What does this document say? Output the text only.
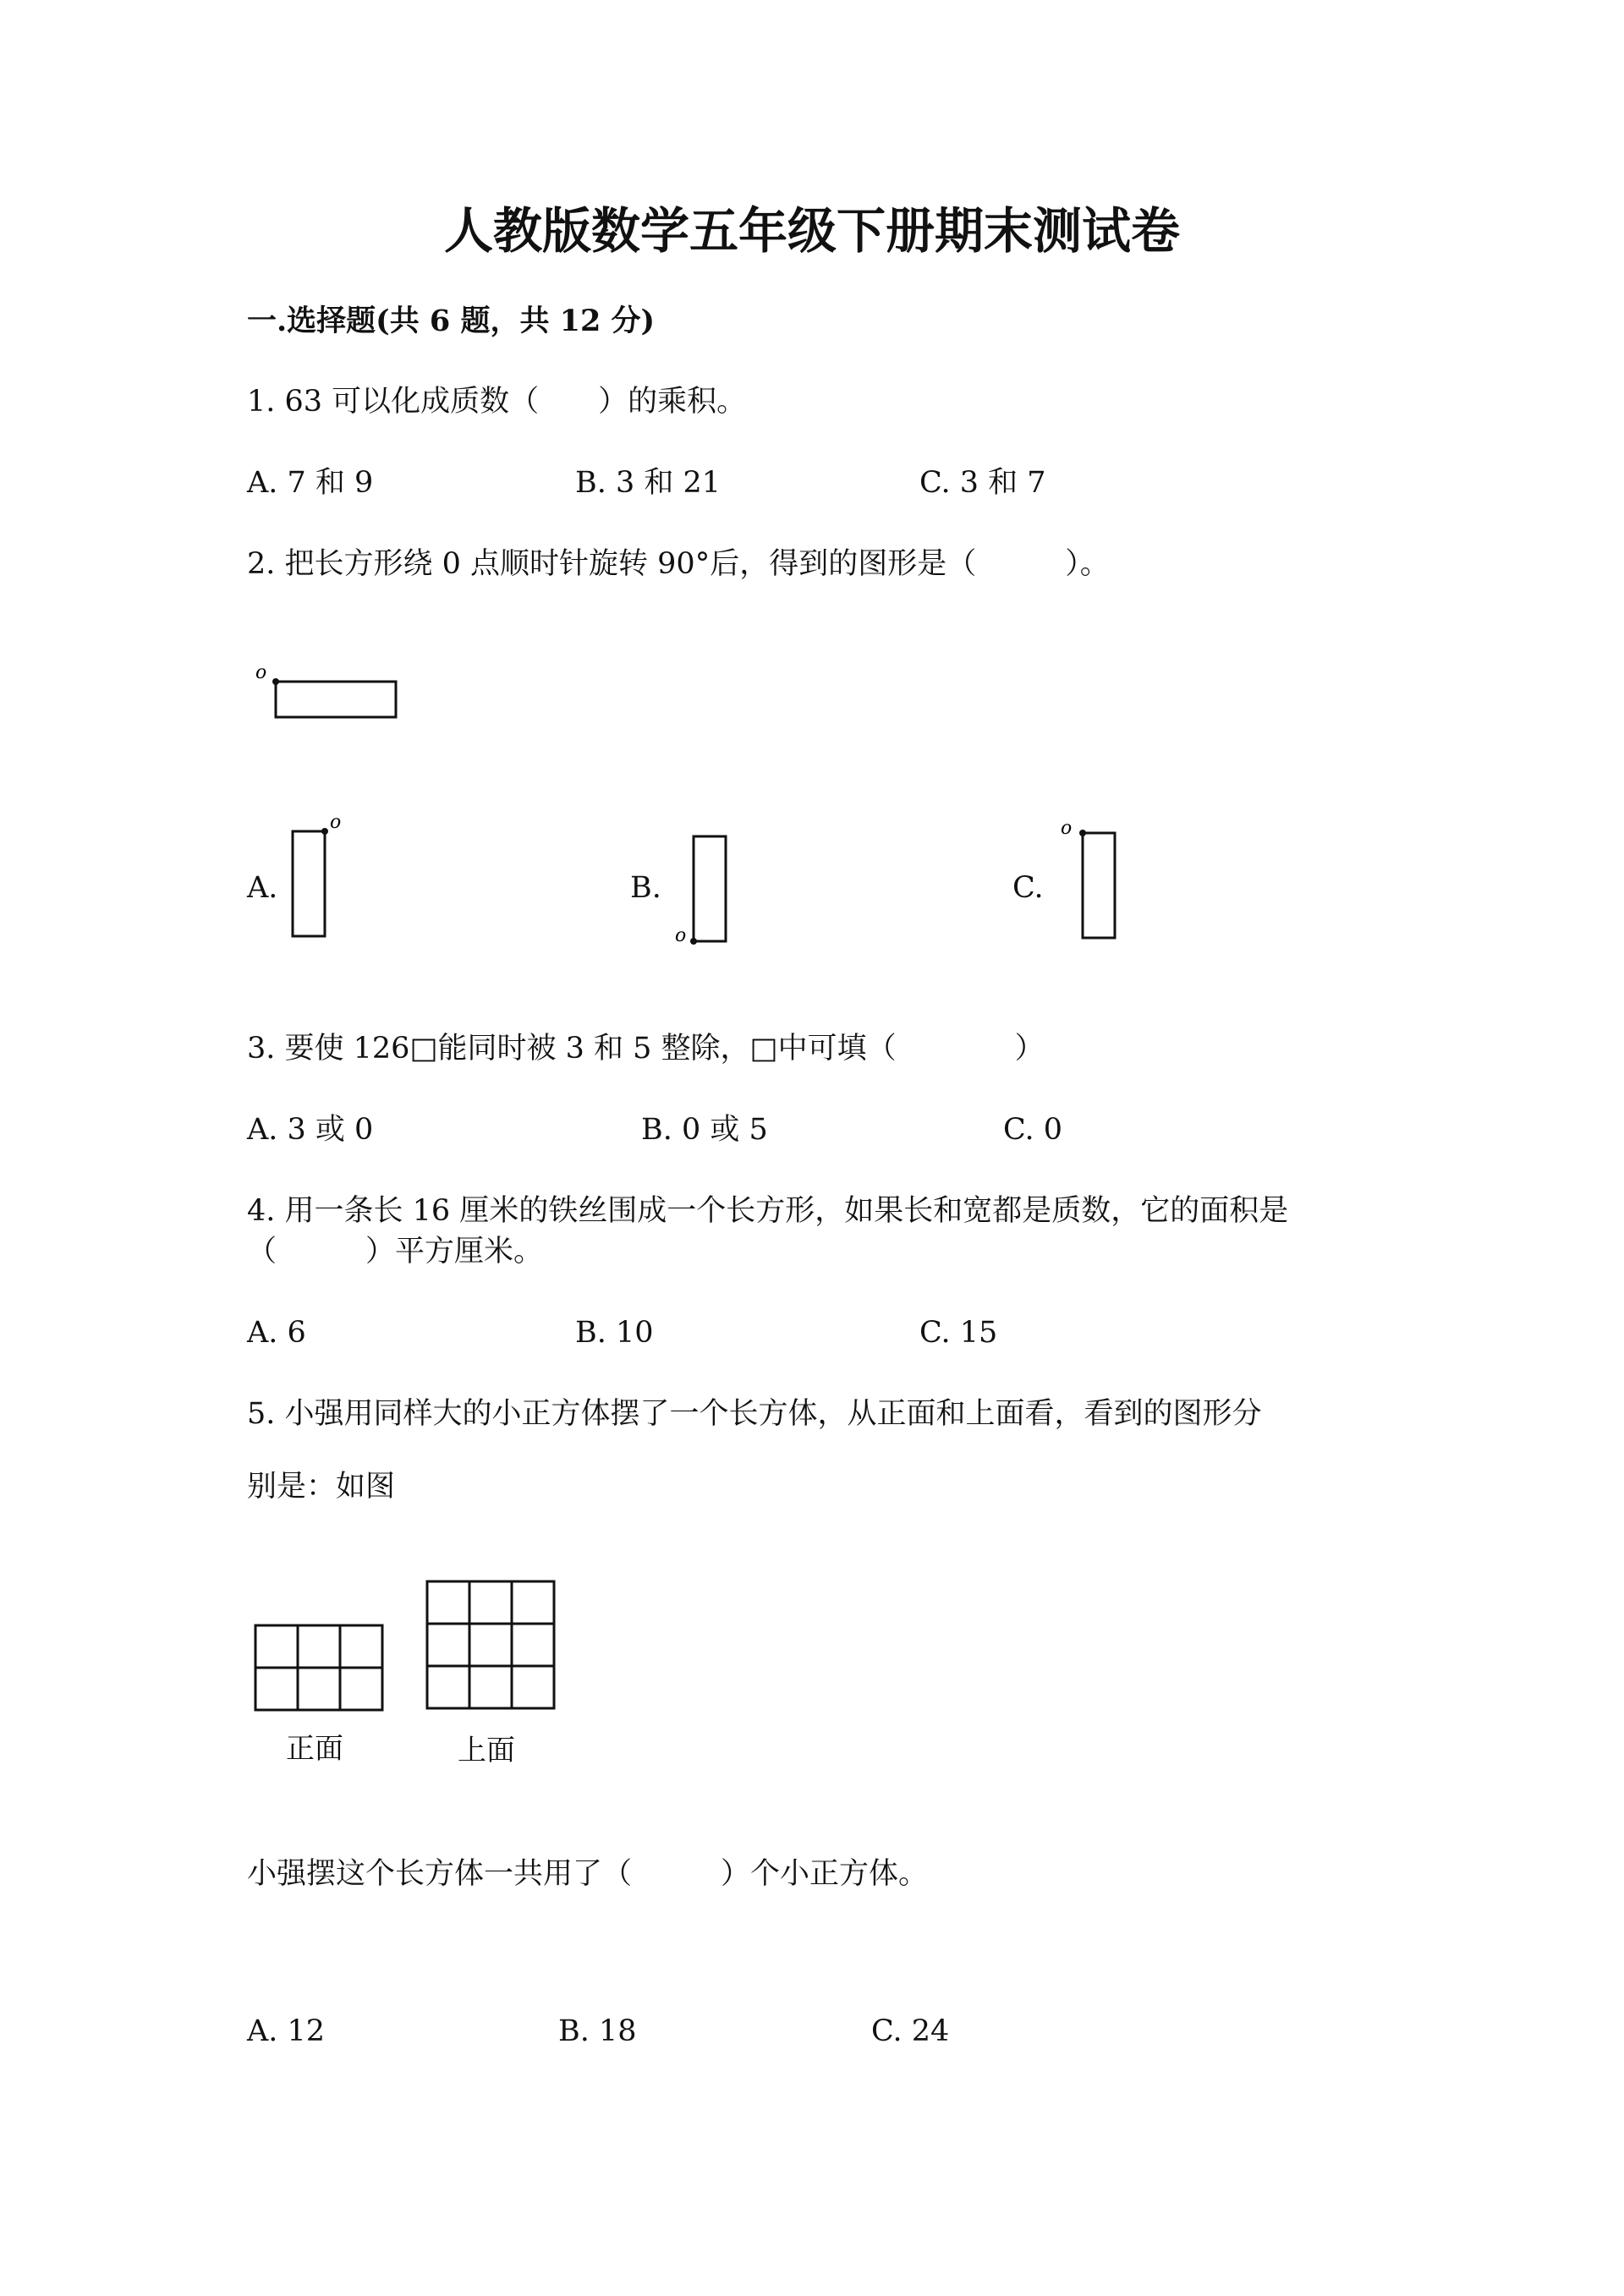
人教版数学五年级下册期末测试卷
一.选择题(共 6 题，共 12 分)
1. 63 可以化成质数（　　）的乘积。
A. 7 和 9	B. 3 和 21	C. 3 和 7
2. 把长方形绕 0 点顺时针旋转 90°后，得到的图形是（　　　）。
o
A.
o
B.
o
C.
o
3. 要使 126□能同时被 3 和 5 整除，□中可填（　　　　）
A. 3 或 0	B. 0 或 5	C. 0
4. 用一条长 16 厘米的铁丝围成一个长方形，如果长和宽都是质数，它的面积是
（　　　）平方厘米。
A. 6	B. 10	C. 15
5. 小强用同样大的小正方体摆了一个长方体，从正面和上面看，看到的图形分
别是：如图
正面	上面
小强摆这个长方体一共用了（　　　）个小正方体。
A. 12	B. 18	C. 24
